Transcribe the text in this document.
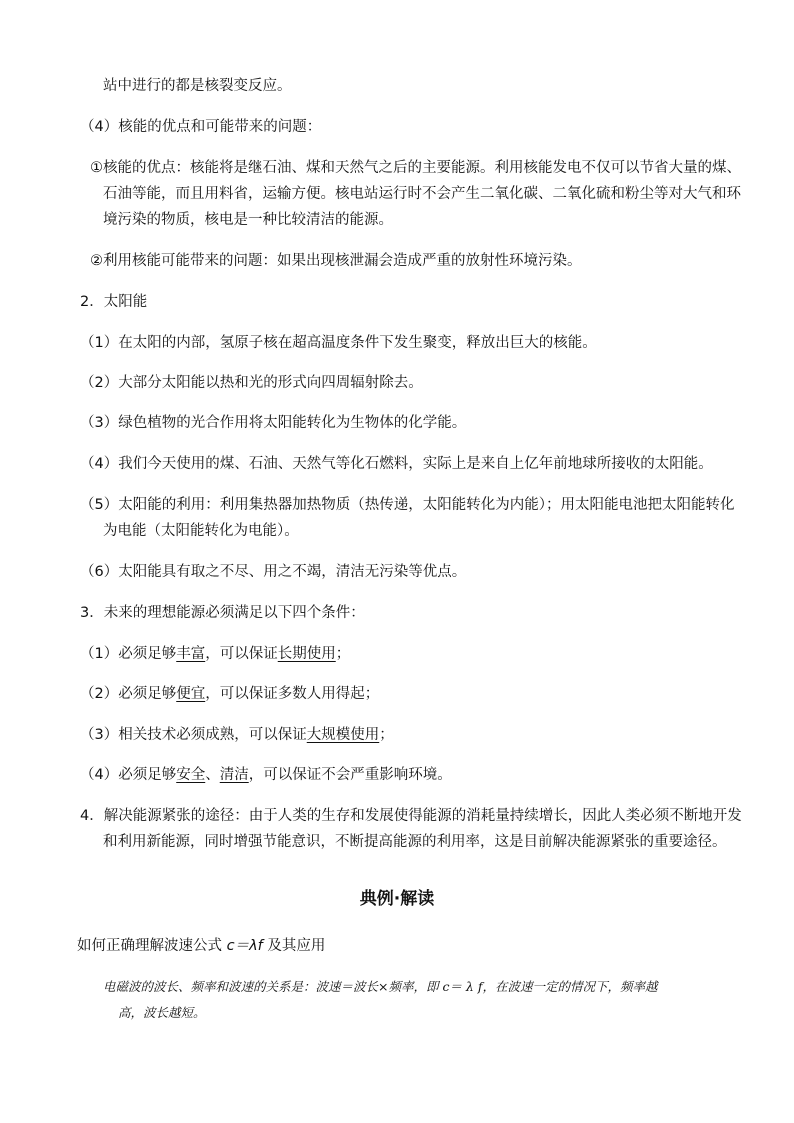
站中进行的都是核裂变反应。
（4）核能的优点和可能带来的问题：
①核能的优点：核能将是继石油、煤和天然气之后的主要能源。利用核能发电不仅可以节省大量的煤、
石油等能，而且用料省，运输方便。核电站运行时不会产生二氧化碳、二氧化硫和粉尘等对大气和环
境污染的物质，核电是一种比较清洁的能源。
②利用核能可能带来的问题：如果出现核泄漏会造成严重的放射性环境污染。
2．太阳能
（1）在太阳的内部，氢原子核在超高温度条件下发生聚变，释放出巨大的核能。
（2）大部分太阳能以热和光的形式向四周辐射除去。
（3）绿色植物的光合作用将太阳能转化为生物体的化学能。
（4）我们今天使用的煤、石油、天然气等化石燃料，实际上是来自上亿年前地球所接收的太阳能。
（5）太阳能的利用：利用集热器加热物质（热传递，太阳能转化为内能）；用太阳能电池把太阳能转化
为电能（太阳能转化为电能）。
（6）太阳能具有取之不尽、用之不竭，清洁无污染等优点。
3．未来的理想能源必须满足以下四个条件：
（1）必须足够丰富，可以保证长期使用；
（2）必须足够便宜，可以保证多数人用得起；
（3）相关技术必须成熟，可以保证大规模使用；
（4）必须足够安全、清洁，可以保证不会严重影响环境。
4．解决能源紧张的途径：由于人类的生存和发展使得能源的消耗量持续增长，因此人类必须不断地开发
和利用新能源，同时增强节能意识，不断提高能源的利用率，这是目前解决能源紧张的重要途径。
典例·解读
如何正确理解波速公式 c＝λf 及其应用
电磁波的波长、频率和波速的关系是：波速＝波长×频率，即 c＝ λ f，在波速一定的情况下，频率越
高，波长越短。
